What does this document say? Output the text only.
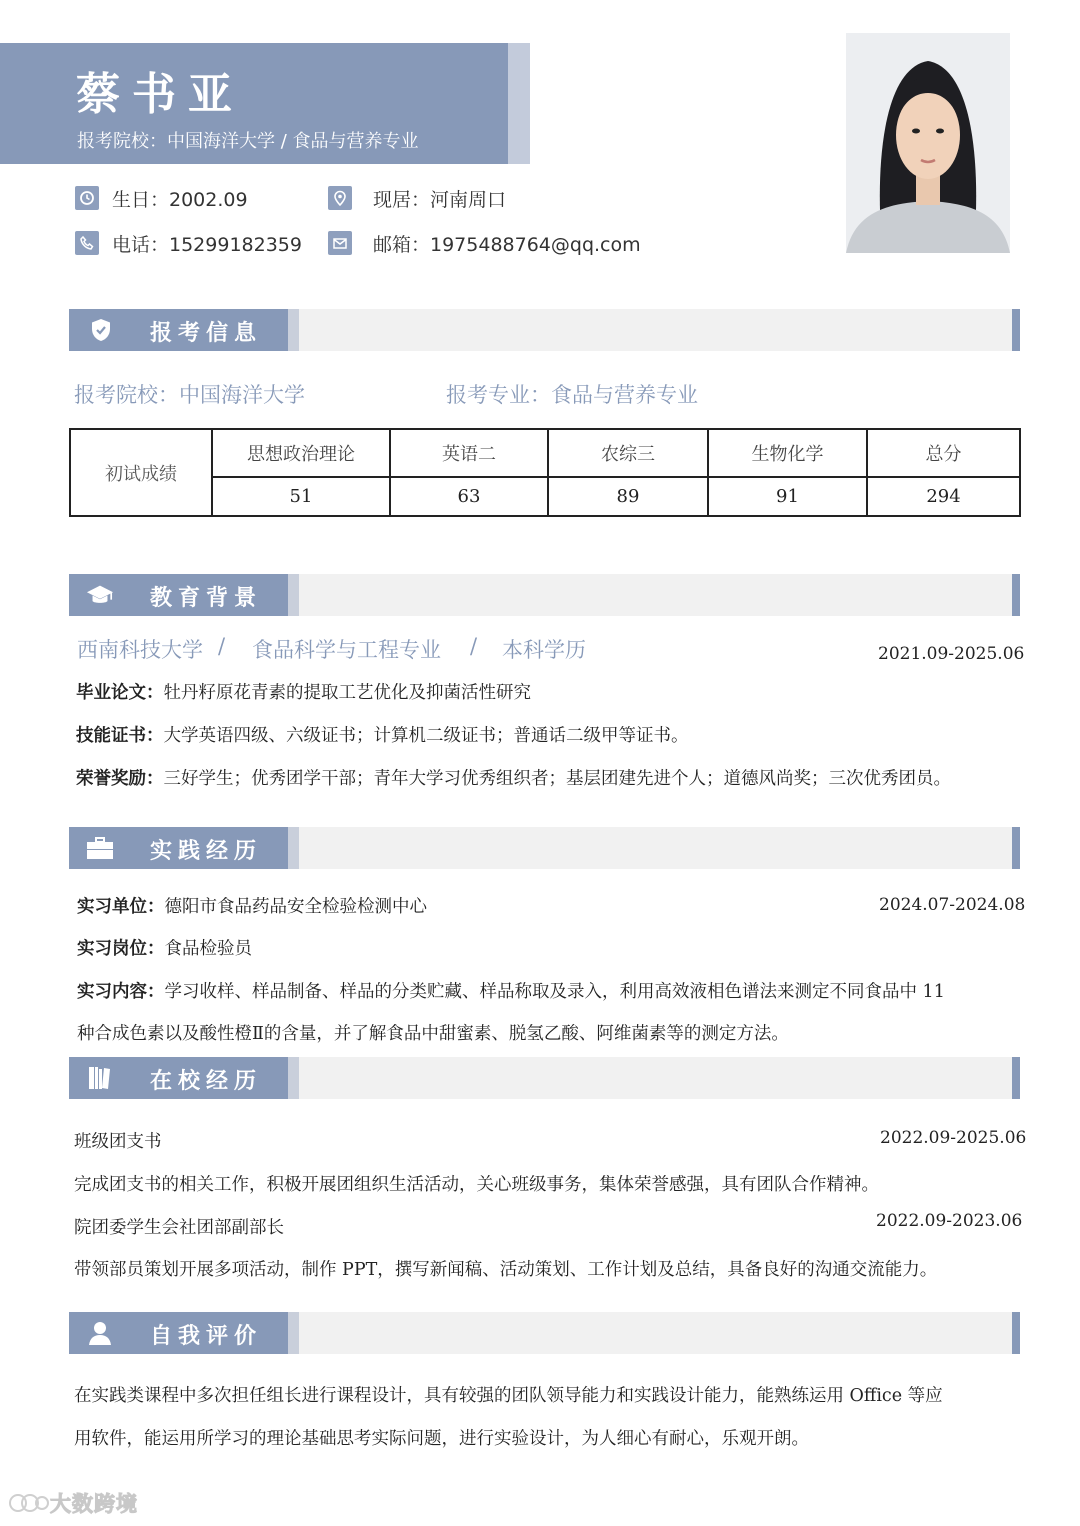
蔡书亚
报考院校：中国海洋大学 / 食品与营养专业
生日：2002.09	现居：河南周口
电话：15299182359	邮箱：1975488764@qq.com
报考信息
报考院校：中国海洋大学	报考专业：食品与营养专业
初试成绩	思想政治理论	英语二	农综三	生物化学	总分
	51	63	89	91	294
教育背景
西南科技大学 / 食品科学与工程专业 / 本科学历	2021.09-2025.06
毕业论文：牡丹籽原花青素的提取工艺优化及抑菌活性研究
技能证书：大学英语四级、六级证书；计算机二级证书；普通话二级甲等证书。
荣誉奖励：三好学生；优秀团学干部；青年大学习优秀组织者；基层团建先进个人；道德风尚奖；三次优秀团员。
实践经历
实习单位：德阳市食品药品安全检验检测中心	2024.07-2024.08
实习岗位：食品检验员
实习内容：学习收样、样品制备、样品的分类贮藏、样品称取及录入，利用高效液相色谱法来测定不同食品中 11
种合成色素以及酸性橙Ⅱ的含量，并了解食品中甜蜜素、脱氢乙酸、阿维菌素等的测定方法。
在校经历
班级团支书	2022.09-2025.06
完成团支书的相关工作，积极开展团组织生活活动，关心班级事务，集体荣誉感强，具有团队合作精神。
院团委学生会社团部副部长	2022.09-2023.06
带领部员策划开展多项活动，制作 PPT，撰写新闻稿、活动策划、工作计划及总结，具备良好的沟通交流能力。
自我评价
在实践类课程中多次担任组长进行课程设计，具有较强的团队领导能力和实践设计能力，能熟练运用 Office 等应
用软件，能运用所学习的理论基础思考实际问题，进行实验设计，为人细心有耐心，乐观开朗。
大数跨境
